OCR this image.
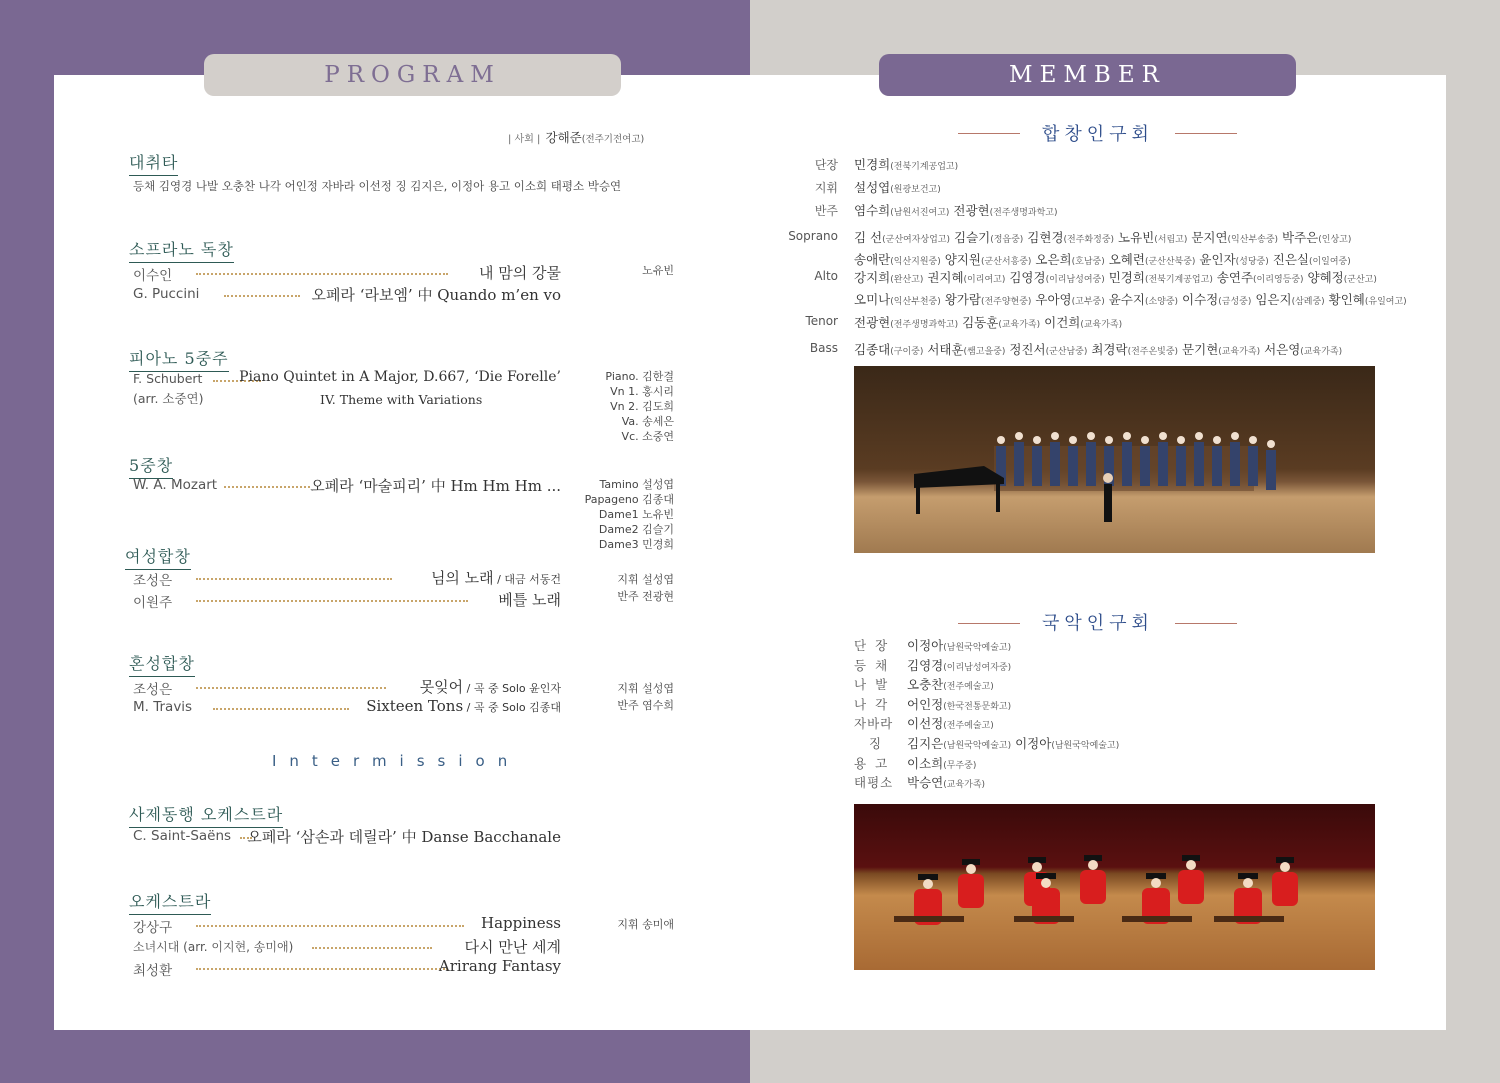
PROGRAM	MEMBER
| 사회 | 강해준(전주기전여고)
대취타
등채 김영경 나발 오충찬 나각 어인정 자바라 이선정 징 김지은, 이정아 용고 이소희 태평소 박승연
소프라노 독창
이수인	내 맘의 강물
G. Puccini	오페라 ‘라보엠’ 中 Quando m’en vo
노유빈
피아노 5중주
F. Schubert	Piano Quintet in A Major, D.667, ‘Die Forelle’
(arr. 소중연)	IV. Theme with Variations
Piano. 김한결
Vn 1. 홍시리
Vn 2. 김도희
Va. 송세은
Vc. 소중연
5중창
W. A. Mozart	오페라 ‘마술피리’ 中 Hm Hm Hm ...	Tamino 설성엽
Papageno 김종대
Dame1 노유빈
Dame2 김슬기
Dame3 민경희
여성합창
조성은	님의 노래 / 대금 서동건
이원주	베틀 노래
지휘 설성엽
반주 전광현
혼성합창
조성은	못잊어 / 곡 중 Solo 윤인자
M. Travis	Sixteen Tons / 곡 중 Solo 김종대
지휘 설성엽
반주 염수희
Intermission
사제동행 오케스트라
C. Saint-Saëns 오페라 ‘삼손과 데릴라’ 中 Danse Bacchanale
오케스트라
강상구	Happiness
소녀시대 (arr. 이지현, 송미애)	다시 만난 세계
최성환	Arirang Fantasy
지휘 송미애
합창인구회
단장 민경희(전북기계공업고)
지휘 설성엽(원광보건고)
반주 염수희(남원서진여고) 전광현(전주생명과학고)
Soprano 김 선(군산여자상업고) 김슬기(정읍중) 김현경(전주화정중) 노유빈(서림고) 문지연(익산부송중) 박주은(인상고)
송애란(익산지원중) 양지원(군산서흥중) 오은희(호남중) 오혜련(군산산북중) 윤인자(성당중) 진은실(이일여중)
Alto 강지희(완산고) 권지혜(이리여고) 김영경(이리남성여중) 민경희(전북기계공업고) 송연주(이리영등중) 양혜정(군산고)
오미나(익산부천중) 왕가람(전주양현중) 우아영(고부중) 윤수지(소양중) 이수정(금성중) 임은지(삼례중) 황인혜(유일여고)
Tenor 전광현(전주생명과학고) 김동훈(교육가족) 이건희(교육가족)
Bass 김종대(구이중) 서태훈(쌤고을중) 정진서(군산남중) 최경락(전주온빛중) 문기현(교육가족) 서은영(교육가족)
국악인구회
단장 이정아(남원국악예술고)
등채 김영경(이리남성여자중)
나발 오충찬(전주예술고)
나각 어인정(한국전통문화고)
자바라 이선정(전주예술고)
징 김지은(남원국악예술고) 이정아(남원국악예술고)
용고 이소희(무주중)
태평소 박승연(교육가족)
